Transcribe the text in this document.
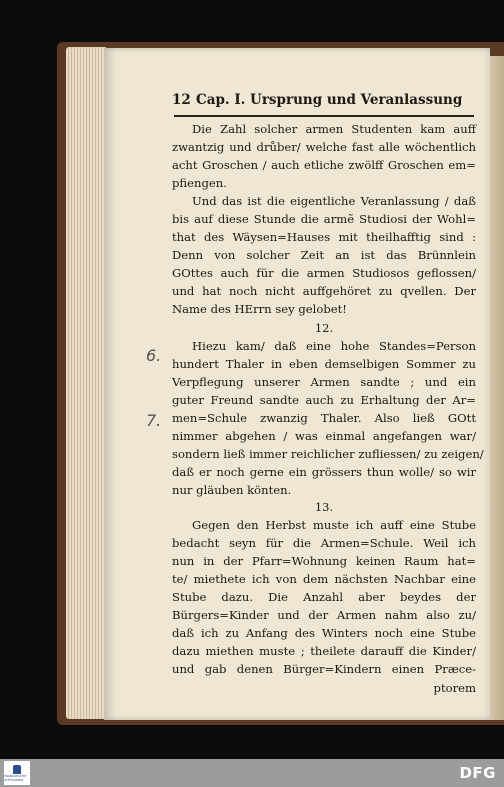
12 Cap. I. Ursprung und Veranlassung
Die Zahl solcher armen Studenten kam auff
zwantzig und drůber/ welche fast alle wöchentlich
acht Groschen / auch etliche zwölff Groschen em=
pfiengen.
Und das ist die eigentliche Veranlassung / daß
bis auf diese Stunde die armẽ Studiosi der Wohl=
that des Wäysen=Hauses mit theilhafftig sind :
Denn von solcher Zeit an ist das Brünnlein
GOttes auch für die armen Studiosos geflossen/
und hat noch nicht auffgehöret zu qvellen. Der
Name des HErrn sey gelobet!
12.
6.	Hiezu kam/ daß eine hohe Standes=Person
hundert Thaler in eben demselbigen Sommer zu
Verpflegung unserer Armen sandte ; und ein
guter Freund sandte auch zu Erhaltung der Ar=
7. men=Schule zwanzig Thaler. Also ließ GOtt
nimmer abgehen / was einmal angefangen war/
sondern ließ immer reichlicher zufliessen/ zu zeigen/
daß er noch gerne ein grössers thun wolle/ so wir
nur gläuben könten.
13.
Gegen den Herbst muste ich auff eine Stube
bedacht seyn für die Armen=Schule. Weil ich
nun in der Pfarr=Wohnung keinen Raum hat=
te/ miethete ich von dem nächsten Nachbar eine
Stube dazu. Die Anzahl aber beydes der
Bürgers=Kinder und der Armen nahm also zu/
daß ich zu Anfang des Winters noch eine Stube
dazu miethen muste ; theilete darauff die Kinder/
und gab denen Bürger=Kindern einen Præce-
ptorem
FRANCKESCHE STIFTUNGEN	DFG
